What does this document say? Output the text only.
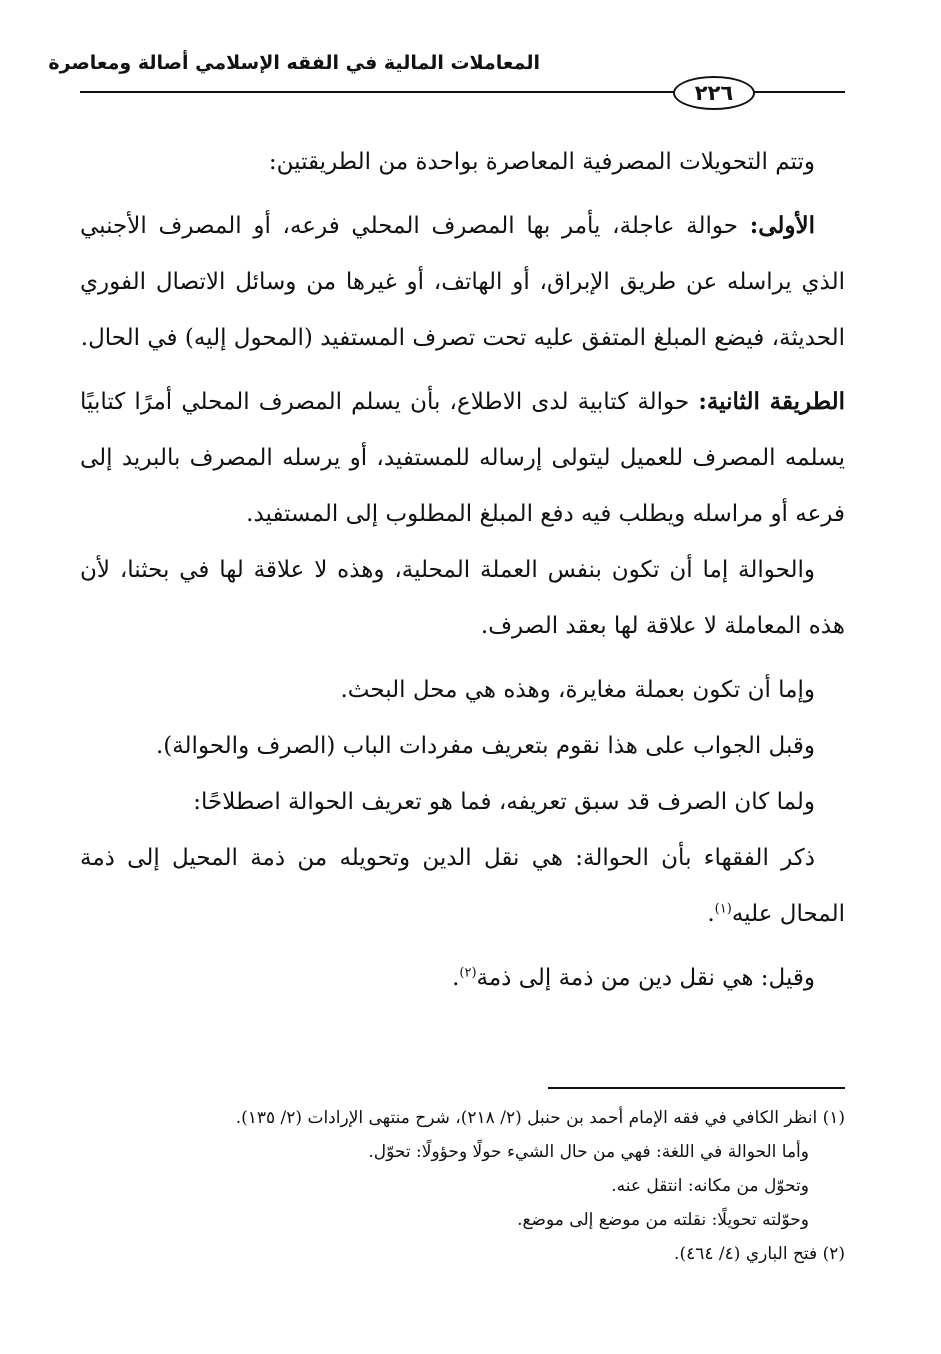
المعاملات المالية في الفقه الإسلامي أصالة ومعاصرة
٢٢٦

وتتم التحويلات المصرفية المعاصرة بواحدة من الطريقتين:

الأولى: حوالة عاجلة، يأمر بها المصرف المحلي فرعه، أو المصرف الأجنبي الذي يراسله عن طريق الإبراق، أو الهاتف، أو غيرها من وسائل الاتصال الفوري الحديثة، فيضع المبلغ المتفق عليه تحت تصرف المستفيد (المحول إليه) في الحال.

الطريقة الثانية: حوالة كتابية لدى الاطلاع، بأن يسلم المصرف المحلي أمرًا كتابيًا يسلمه المصرف للعميل ليتولى إرساله للمستفيد، أو يرسله المصرف بالبريد إلى فرعه أو مراسله ويطلب فيه دفع المبلغ المطلوب إلى المستفيد.

والحوالة إما أن تكون بنفس العملة المحلية، وهذه لا علاقة لها في بحثنا، لأن هذه المعاملة لا علاقة لها بعقد الصرف.

وإما أن تكون بعملة مغايرة، وهذه هي محل البحث.

وقبل الجواب على هذا نقوم بتعريف مفردات الباب (الصرف والحوالة).

ولما كان الصرف قد سبق تعريفه، فما هو تعريف الحوالة اصطلاحًا:

ذكر الفقهاء بأن الحوالة: هي نقل الدين وتحويله من ذمة المحيل إلى ذمة المحال عليه$^{(١)}$.

وقيل: هي نقل دين من ذمة إلى ذمة$^{(٢)}$.

(١) انظر الكافي في فقه الإمام أحمد بن حنبل (٢/ ٢١٨)، شرح منتهى الإرادات (٢/ ١٣٥).

وأما الحوالة في اللغة: فهي من حال الشيء حولًا وحؤولًا: تحوّل.

وتحوّل من مكانه: انتقل عنه.

وحوّلته تحويلًا: نقلته من موضع إلى موضع.

(٢) فتح الباري (٤/ ٤٦٤).
